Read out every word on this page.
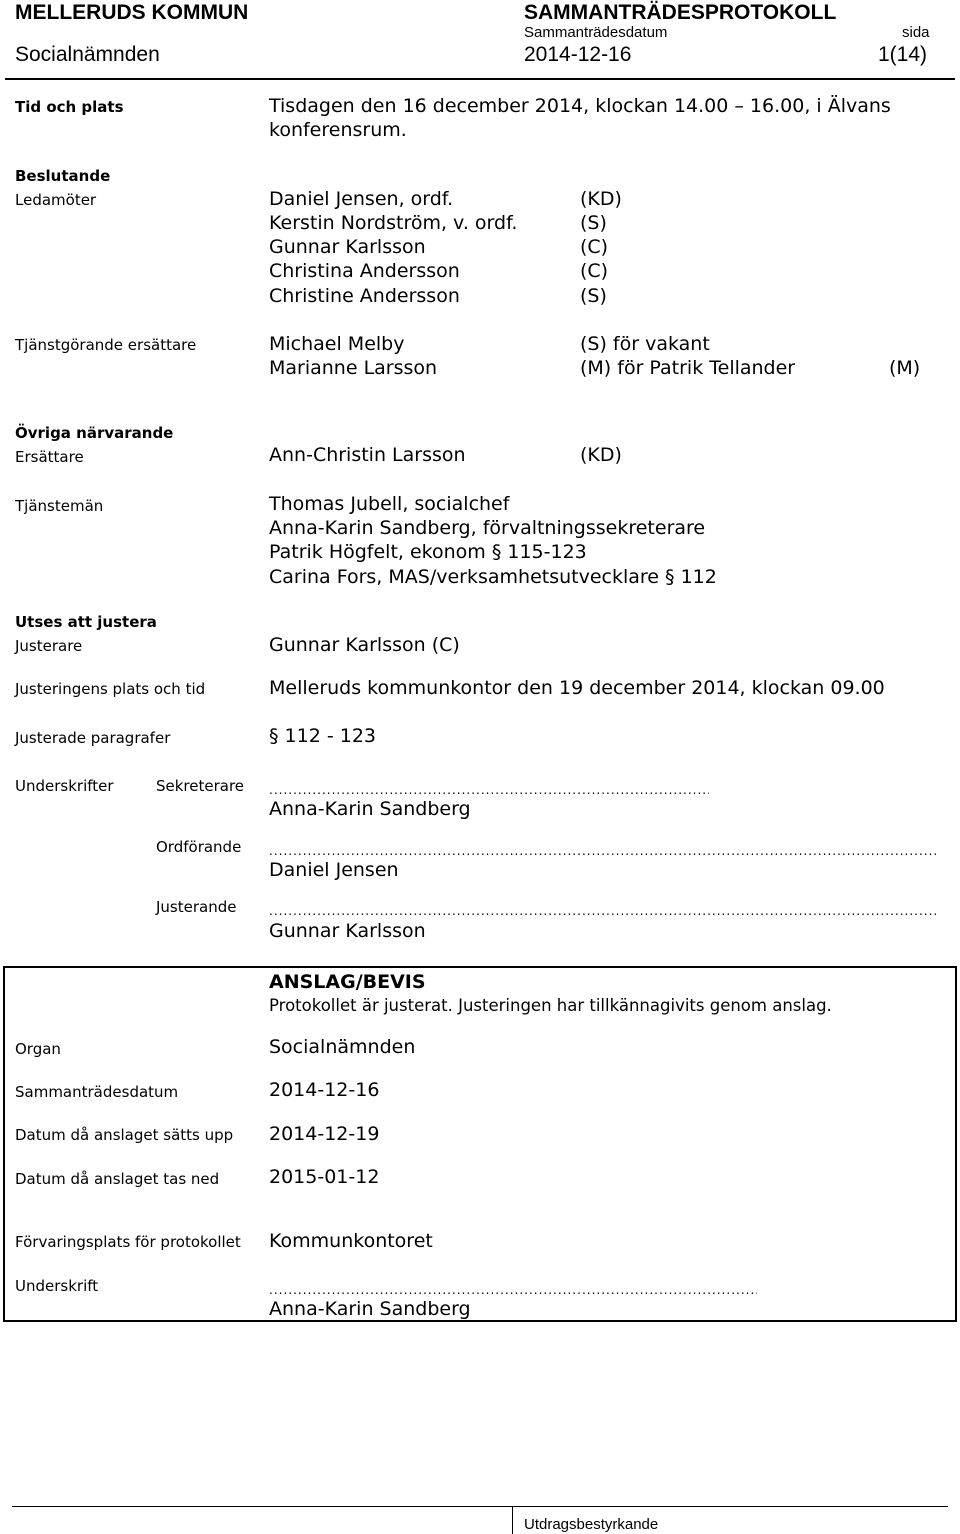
MELLERUDS KOMMUN	SAMMANTRÄDESPROTOKOLL
Sammanträdesdatum	sida
Socialnämnden	2014-12-16	1(14)
Tid och plats	Tisdagen den 16 december 2014, klockan 14.00 – 16.00, i Älvans
konferensrum.
Beslutande
Ledamöter	Daniel Jensen, ordf.	(KD)
Kerstin Nordström, v. ordf.	(S)
Gunnar Karlsson	(C)
Christina Andersson	(C)
Christine Andersson	(S)
Tjänstgörande ersättare	Michael Melby	(S) för vakant
Marianne Larsson	(M) för Patrik Tellander	(M)
Övriga närvarande
Ersättare	Ann-Christin Larsson	(KD)
Tjänstemän	Thomas Jubell, socialchef
Anna-Karin Sandberg, förvaltningssekreterare
Patrik Högfelt, ekonom § 115-123
Carina Fors, MAS/verksamhetsutvecklare § 112
Utses att justera
Justerare	Gunnar Karlsson (C)
Justeringens plats och tid	Melleruds kommunkontor den 19 december 2014, klockan 09.00
Justerade paragrafer	§ 112 - 123
Underskrifter	Sekreterare
.....
Anna-Karin Sandberg
Ordförande
.....
Daniel Jensen
Justerande
.....
Gunnar Karlsson
ANSLAG/BEVIS
Protokollet är justerat. Justeringen har tillkännagivits genom anslag.
Organ	Socialnämnden
Sammanträdesdatum	2014-12-16
Datum då anslaget sätts upp 2014-12-19
Datum då anslaget tas ned	2015-01-12
Förvaringsplats för protokollet Kommunkontoret
Underskrift
.....
Anna-Karin Sandberg
Utdragsbestyrkande
